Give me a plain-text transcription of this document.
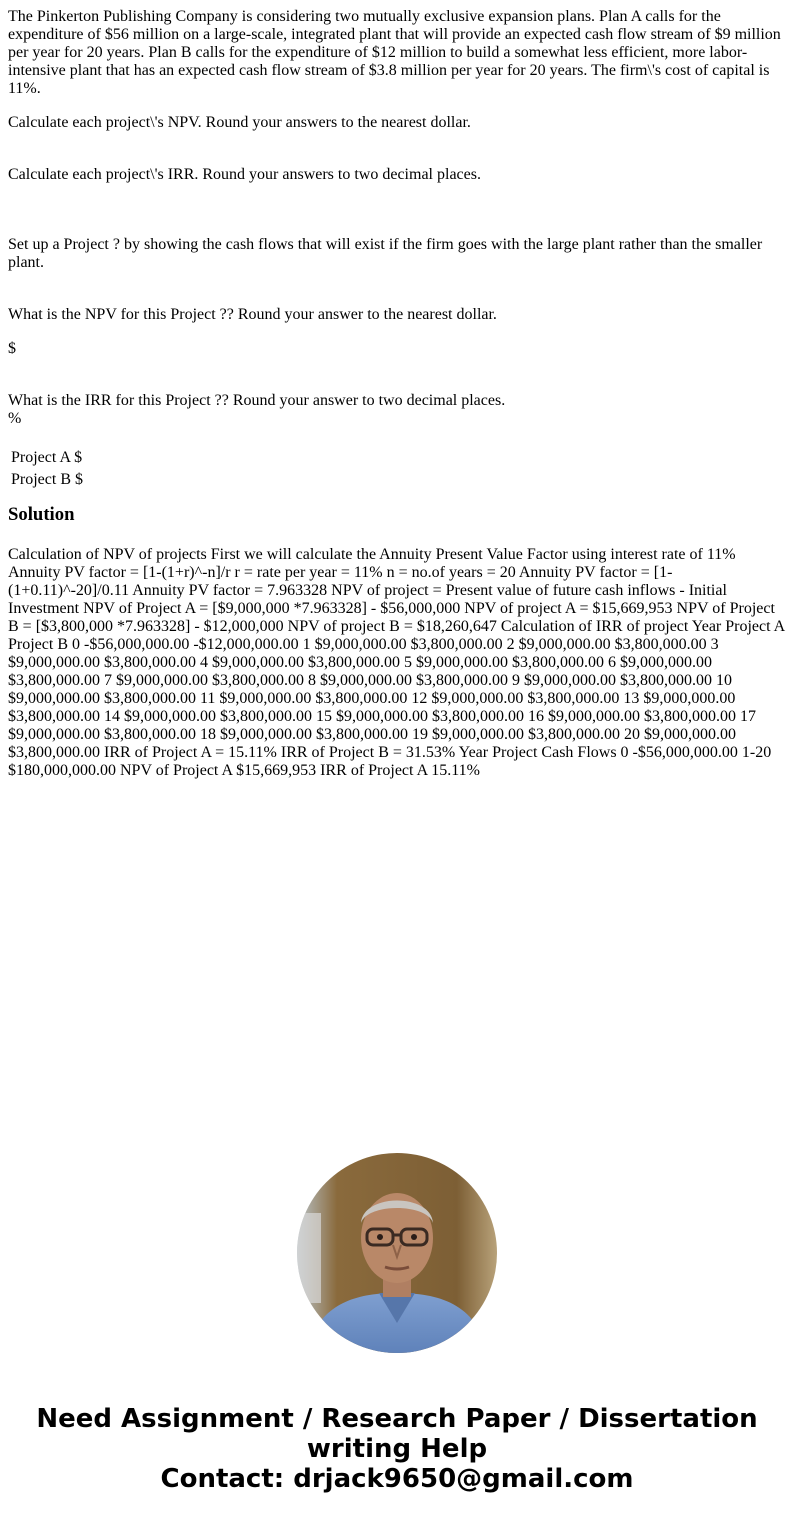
The Pinkerton Publishing Company is considering two mutually exclusive expansion plans. Plan A calls for the expenditure of $56 million on a large-scale, integrated plant that will provide an expected cash flow stream of $9 million per year for 20 years. Plan B calls for the expenditure of $12 million to build a somewhat less efficient, more labor-intensive plant that has an expected cash flow stream of $3.8 million per year for 20 years. The firm\'s cost of capital is 11%.

Calculate each project\'s NPV. Round your answers to the nearest dollar.

Calculate each project\'s IRR. Round your answers to two decimal places.

Set up a Project ? by showing the cash flows that will exist if the firm goes with the large plant rather than the smaller plant.

What is the NPV for this Project ?? Round your answer to the nearest dollar.

$

What is the IRR for this Project ?? Round your answer to two decimal places.

%

Project A $
Project B $
Solution

Calculation of NPV of projects First we will calculate the Annuity Present Value Factor using interest rate of 11% Annuity PV factor = [1-(1+r)^-n]/r r = rate per year = 11% n = no.of years = 20 Annuity PV factor = [1-(1+0.11)^-20]/0.11 Annuity PV factor = 7.963328 NPV of project = Present value of future cash inflows - Initial Investment NPV of Project A = [$9,000,000 *7.963328] - $56,000,000 NPV of project A = $15,669,953 NPV of Project B = [$3,800,000 *7.963328] - $12,000,000 NPV of project B = $18,260,647 Calculation of IRR of project Year Project A Project B 0 -$56,000,000.00 -$12,000,000.00 1 $9,000,000.00 $3,800,000.00 2 $9,000,000.00 $3,800,000.00 3 $9,000,000.00 $3,800,000.00 4 $9,000,000.00 $3,800,000.00 5 $9,000,000.00 $3,800,000.00 6 $9,000,000.00 $3,800,000.00 7 $9,000,000.00 $3,800,000.00 8 $9,000,000.00 $3,800,000.00 9 $9,000,000.00 $3,800,000.00 10 $9,000,000.00 $3,800,000.00 11 $9,000,000.00 $3,800,000.00 12 $9,000,000.00 $3,800,000.00 13 $9,000,000.00 $3,800,000.00 14 $9,000,000.00 $3,800,000.00 15 $9,000,000.00 $3,800,000.00 16 $9,000,000.00 $3,800,000.00 17 $9,000,000.00 $3,800,000.00 18 $9,000,000.00 $3,800,000.00 19 $9,000,000.00 $3,800,000.00 20 $9,000,000.00 $3,800,000.00 IRR of Project A = 15.11% IRR of Project B = 31.53% Year Project Cash Flows 0 -$56,000,000.00 1-20 $180,000,000.00 NPV of Project A $15,669,953 IRR of Project A 15.11%

Need Assignment / Research Paper / Dissertation
writing Help
Contact: drjack9650@gmail.com
